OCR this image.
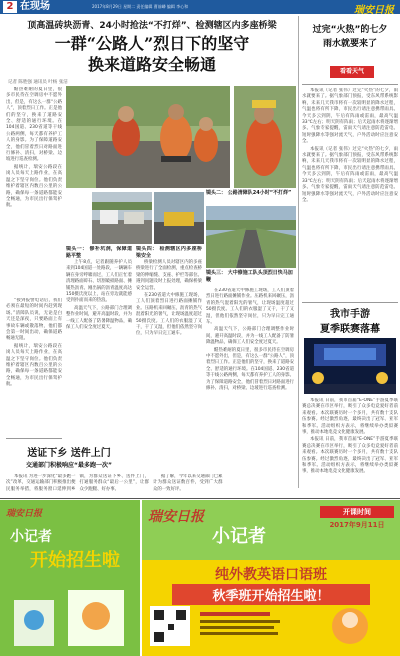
2 在现场	2017年8月29日 星期二 责任编辑 曹前嶙 编辑 李心和	瑞安日报
顶高温砖块沥青、24小时抢法“不打烊”、检测辖区内多座桥梁
一群“公路人”烈日下的坚守
换来道路安全畅通
记者 陈胜强 通讯员 叶杨 张洁

酷热难耐的夏日里，很多市民待在空调房中不愿外出，但是，有这么一群“公路人”，顶着烈日工作。正是他们的坚守，换来了道路安全、舒适的通行环境。在104国道、230省道等干线公路两侧，每天都有养护工人的身影。为了保障道路安全，他们冒着烈日对路面进行修补、清扫，对桥梁、边坡进行巡查检测。

据统计，瑞安公路段在岗人员每天上路作业，在高温之下坚守岗位。他们负责维护着辖区内数百公里的公路，确保每一条道路都能安全畅通，为市民出行保驾护航。

镜头二： 公路清障队24小时“不打烊”
镜头三： 大中修施工队头顶烈日快马加鞭
镜头一： 修补坑洞，保障道路平整

上午8点，记者跟随养护人员来到104国道一处路段，一辆辆车辆在身旁呼啸而过，工人们正忙着清理路面碎石、切割破损路面、摊铺热沥青。刚出锅的沥青温度高达150摄氏度以上，站在旁边就能感受到扑面而来的热浪。

高温天气下，公路部门合理调整作业时间，避开高温时段，并为一线工人配备了防暑降温物品，确保工人们安全度过夏天。

“接到报警电话后，我们必须在最短的时间内赶到现场。”清障队员说，无论是白天还是深夜，只要路面上有事故车辆或散落物，他们都会第一时间出动，确保道路畅通无阻。

据统计，瑞安公路段在岗人员每天上路作业，在高温之下坚守岗位。他们负责维护着辖区内数百公里的公路，确保每一条道路都能安全畅通，为市民出行保驾护航。

镜头四： 检测辖区内多座桥梁安全

桥梁检测人员对辖区内的多座桥梁进行了全面检测，重点检查桥梁的伸缩缝、支座、护栏等部位。遇到问题及时上报处理，确保桥梁安全运营。

在230省道大中修施工现场，工人们顶着烈日进行路面摊铺作业。压路机来回碾压，沥青的热气混着阳光的暑气，让现场温度超过50摄氏度。工人们的衣服湿了又干，干了又湿，但他们依然坚守岗位，只为早日完工通车。

在230省道大中修施工现场，工人们顶着烈日进行路面摊铺作业。压路机来回碾压，沥青的热气混着阳光的暑气，让现场温度超过50摄氏度。工人们的衣服湿了又干，干了又湿，但他们依然坚守岗位，只为早日完工通车。

高温天气下，公路部门合理调整作业时间，避开高温时段，并为一线工人配备了防暑降温物品，确保工人们安全度过夏天。

酷热难耐的夏日里，很多市民待在空调房中不愿外出，但是，有这么一群“公路人”，顶着烈日工作。正是他们的坚守，换来了道路安全、舒适的通行环境。在104国道、230省道等干线公路两侧，每天都有养护工人的身影。为了保障道路安全，他们冒着烈日对路面进行修补、清扫，对桥梁、边坡进行巡查检测。

过完“火热”的七夕
雨水就要来了
看看天气

本报讯（记者 张伟）过完“火热”的七夕，雨水就要来了。据气象部门预报，受东风带系统影响，未来几天我市将有一次较明显的降水过程，气温也将有所下降，市民出行请注意携带雨具。今天多云到阴，午后有阵雨或雷雨，最高气温33℃左右；明天阴有阵雨；后天起雨水将逐渐增多。气象专家提醒，雷雨天气请注意防范雷电、短时强降水等强对流天气，户外活动时应注意安全。

本报讯（记者 张伟）过完“火热”的七夕，雨水就要来了。据气象部门预报，受东风带系统影响，未来几天我市将有一次较明显的降水过程，气温也将有所下降，市民出行请注意携带雨具。今天多云到阴，午后有阵雨或雷雨，最高气温33℃左右；明天阴有阵雨；后天起雨水将逐渐增多。气象专家提醒，雷雨天气请注意防范雷电、短时强降水等强对流天气，户外活动时应注意安全。

我市手游
夏季联赛落幕

本报讯 日前，我市首届“E-ONE”手游夏季联赛总决赛在市区举行，吸引了众多电竞爱好者前来观看。本次联赛历时一个多月，共有数十支队伍参赛。经过激烈角逐，最终决出了冠军、亚军和季军。活动组织方表示，将继续举办类似赛事，推动本地电竞文化健康发展。

本报讯 日前，我市首届“E-ONE”手游夏季联赛总决赛在市区举行，吸引了众多电竞爱好者前来观看。本次联赛历时一个多月，共有数十支队伍参赛。经过激烈角逐，最终决出了冠军、亚军和季军。活动组织方表示，将继续举办类似赛事，推动本地电竞文化健康发展。

送证下乡 送件上门
交通部门积极响应“最多跑一次”

本报讯 为进一步深化“最多跑一次”改革，交通运输部门积极推出便民服务举措，将服务窗口延伸到乡镇，为群众送证下乡、送件上门，打通服务群众“最后一公里”，让群众少跑腿、好办事。

据了解，今年以来交通部门已累计为群众送证数百件，受到广大群众的一致好评。

瑞安日报
小记者
开始招生啦
瑞安日报
小记者
开课时间
2017年9月11日
纯外教英语口语班
秋季班开始招生啦！
